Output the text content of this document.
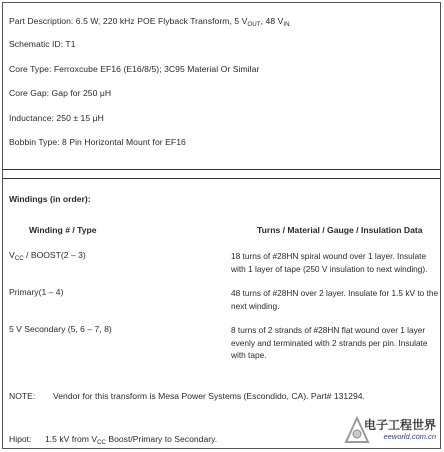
Part Description: 6.5 W, 220 kHz POE Flyback Transform, 5 $V_{OUT}$, 48 $V_{IN}$
Schematic ID: T1
Core Type: Ferroxcube EF16 (E16/8/5); 3C95 Material Or Similar
Core Gap: Gap for 250 μH
Inductance: 250 ± 15 μH
Bobbin Type: 8 Pin Horizontal Mount for EF16
Windings (in order):
Winding # / Type	Turns / Material / Gauge / Insulation Data
$V_{CC}$ / BOOST(2 – 3)	18 turns of #28HN spiral wound over 1 layer. Insulate with 1 layer of tape (250 V insulation to next winding).
Primary(1 – 4)	48 turns of #28HN over 2 layer. Insulate for 1.5 kV to the next winding.
5 V Secondary (5, 6 – 7, 8)	8 turns of 2 strands of #28HN flat wound over 1 layer evenly and terminated with 2 strands per pin. Insulate with tape.
NOTE: Vendor for this transform is Mesa Power Systems (Escondido, CA). Part# 131294.
Hipot: 1.5 kV from $V_{CC}$ Boost/Primary to Secondary.
电子工程世界
eeworld.com.cn
